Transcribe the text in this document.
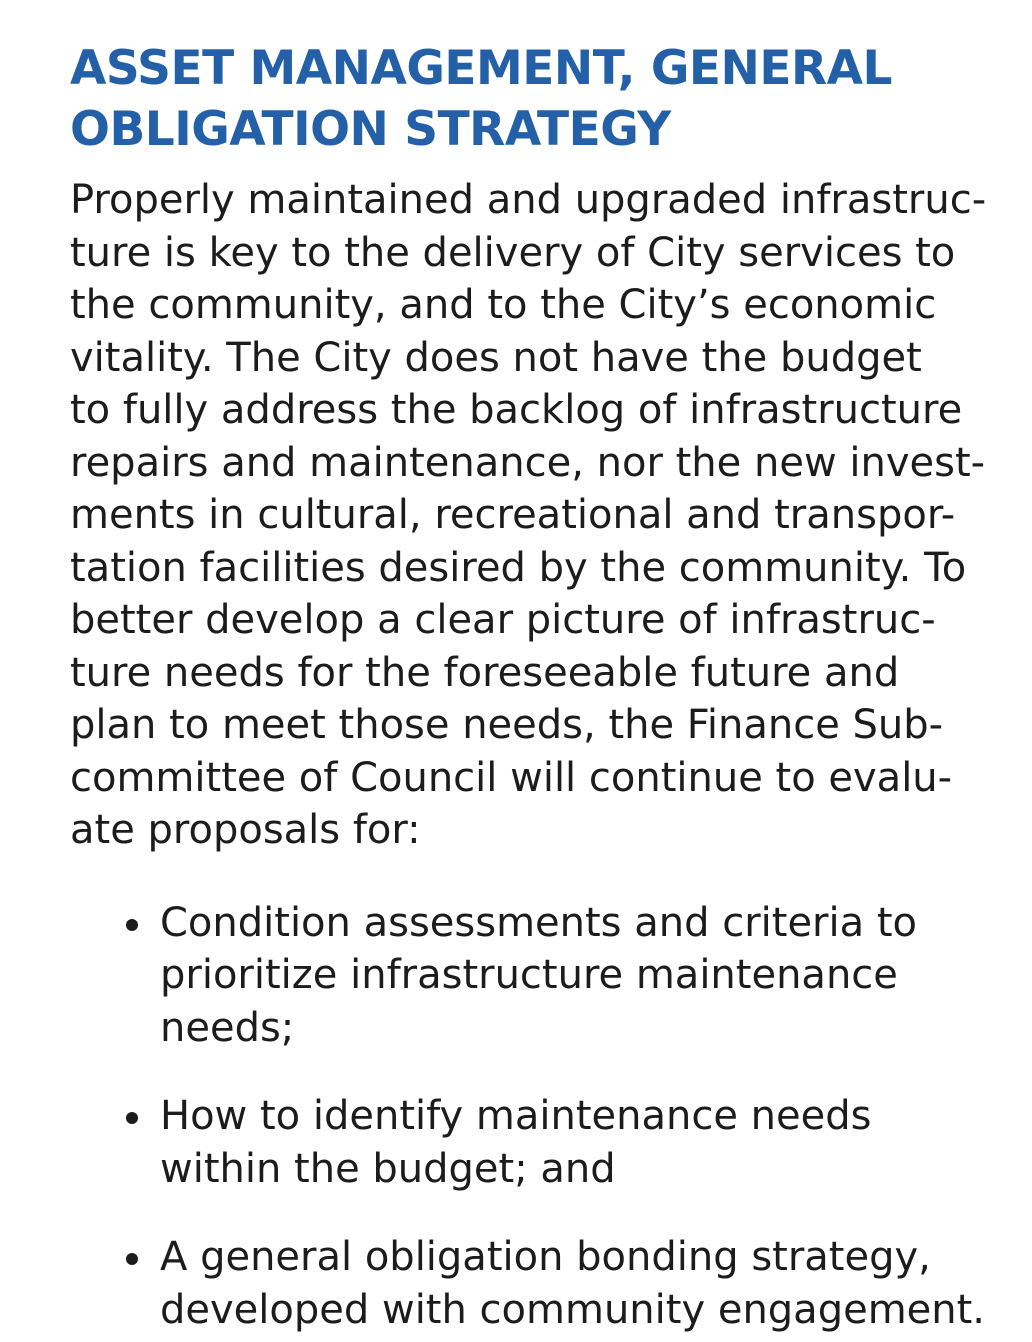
ASSET MANAGEMENT, GENERAL
OBLIGATION STRATEGY

Properly maintained and upgraded infrastruc-
ture is key to the delivery of City services to
the community, and to the City’s economic
vitality. The City does not have the budget
to fully address the backlog of infrastructure
repairs and maintenance, nor the new invest-
ments in cultural, recreational and transpor-
tation facilities desired by the community. To
better develop a clear picture of infrastruc-
ture needs for the foreseeable future and
plan to meet those needs, the Finance Sub-
committee of Council will continue to evalu-
ate proposals for:

Condition assessments and criteria to
prioritize infrastructure maintenance
needs;
How to identify maintenance needs
within the budget; and
A general obligation bonding strategy,
developed with community engagement.
